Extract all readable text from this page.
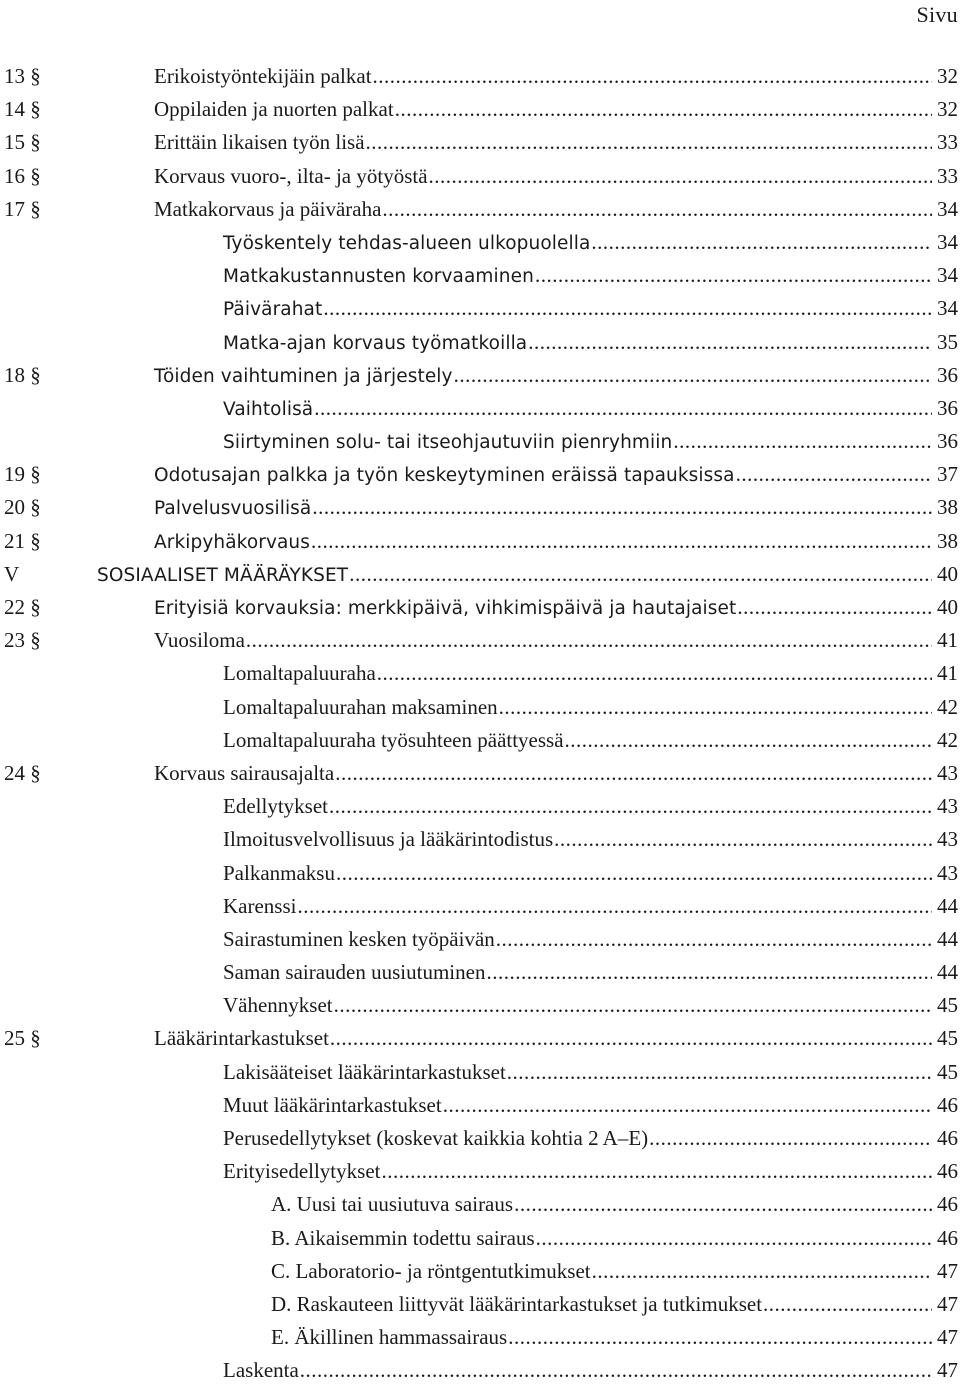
Sivu
13 §	Erikoistyöntekijäin palkat .....	32
14 §	Oppilaiden ja nuorten palkat .....	32
15 §	Erittäin likaisen työn lisä .....	33
16 §	Korvaus vuoro-, ilta- ja yötyöstä .....	33
17 §	Matkakorvaus ja päiväraha .....	34
Työskentely tehdas-alueen ulkopuolella .....	34
Matkakustannusten korvaaminen .....	34
Päivärahat .....	34
Matka-ajan korvaus työmatkoilla .....	35
18 §	Töiden vaihtuminen ja järjestely .....	36
Vaihtolisä .....	36
Siirtyminen solu- tai itseohjautuviin pienryhmiin .....	36
19 §	Odotusajan palkka ja työn keskeytyminen eräissä tapauksissa .....	37
20 §	Palvelusvuosilisä .....	38
21 §	Arkipyhäkorvaus .....	38
V	SOSIAALISET MÄÄRÄYKSET .....	40
22 §	Erityisiä korvauksia: merkkipäivä, vihkimispäivä ja hautajaiset .....	40
23 §	Vuosiloma .....	41
Lomaltapaluuraha .....	41
Lomaltapaluurahan maksaminen .....	42
Lomaltapaluuraha työsuhteen päättyessä .....	42
24 §	Korvaus sairausajalta .....	43
Edellytykset .....	43
Ilmoitusvelvollisuus ja lääkärintodistus .....	43
Palkanmaksu .....	43
Karenssi .....	44
Sairastuminen kesken työpäivän .....	44
Saman sairauden uusiutuminen .....	44
Vähennykset .....	45
25 §	Lääkärintarkastukset .....	45
Lakisääteiset lääkärintarkastukset .....	45
Muut lääkärintarkastukset .....	46
Perusedellytykset (koskevat kaikkia kohtia 2 A–E) .....	46
Erityisedellytykset .....	46
A. Uusi tai uusiutuva sairaus .....	46
B. Aikaisemmin todettu sairaus .....	46
C. Laboratorio- ja röntgentutkimukset .....	47
D. Raskauteen liittyvät lääkärintarkastukset ja tutkimukset .....	47
E. Äkillinen hammassairaus .....	47
Laskenta .....	47
